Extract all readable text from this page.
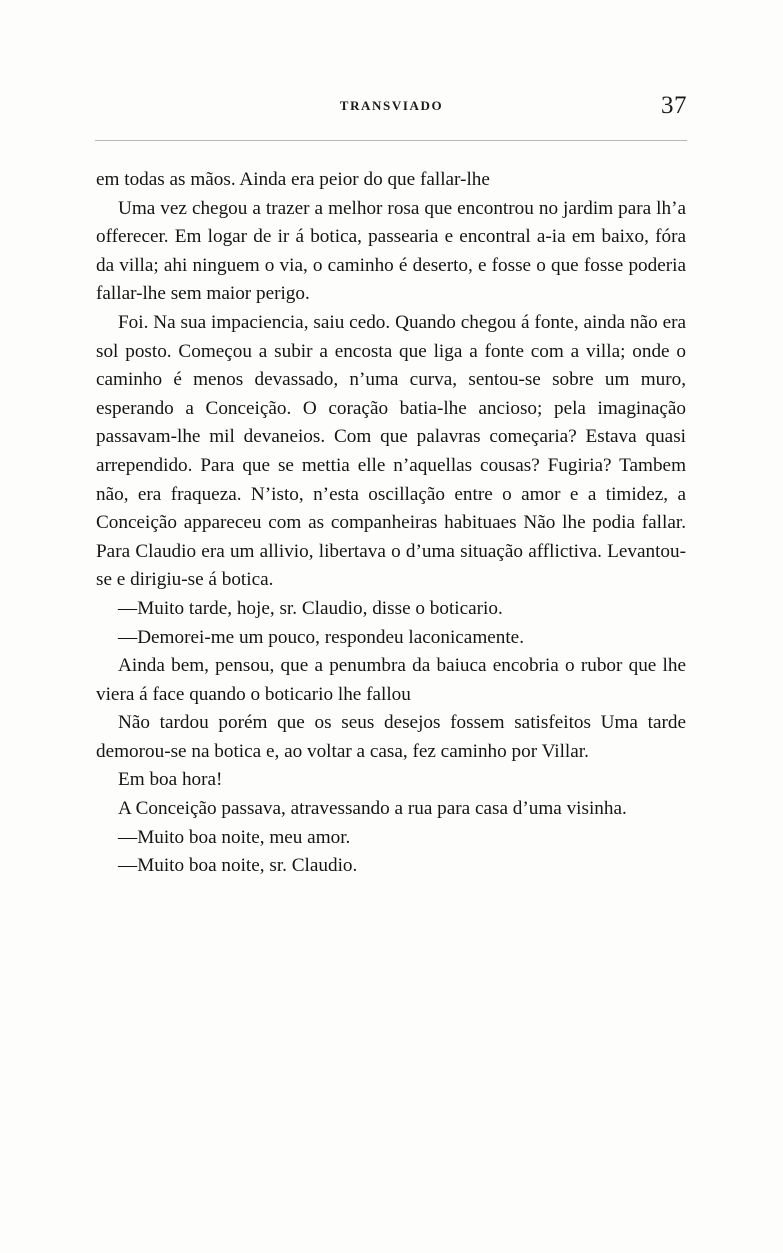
TRANSVIADO	37

em todas as mãos. Ainda era peior do que fallar-lhe

Uma vez chegou a trazer a melhor rosa que encontrou no jardim para lh’a offerecer. Em logar de ir á botica, passearia e encontral a-ia em baixo, fóra da villa; ahi ninguem o via, o caminho é deserto, e fosse o que fosse poderia fallar-lhe sem maior perigo.

Foi. Na sua impaciencia, saiu cedo. Quando chegou á fonte, ainda não era sol posto. Começou a subir a encosta que liga a fonte com a villa; onde o caminho é menos devassado, n’uma curva, sentou-se sobre um muro, esperando a Conceição. O coração batia-lhe ancioso; pela imaginação passavam-lhe mil devaneios. Com que palavras começaria? Estava quasi arrependido. Para que se mettia elle n’aquellas cousas? Fugiria? Tambem não, era fraqueza. N’isto, n’esta oscillação entre o amor e a timidez, a Conceição appareceu com as companheiras habituaes Não lhe podia fallar. Para Claudio era um allivio, libertava o d’uma situação afflictiva. Levantou-se e dirigiu-se á botica.

—Muito tarde, hoje, sr. Claudio, disse o boticario.

—Demorei-me um pouco, respondeu laconicamente.

Ainda bem, pensou, que a penumbra da baiuca encobria o rubor que lhe viera á face quando o boticario lhe fallou

Não tardou porém que os seus desejos fossem satisfeitos Uma tarde demorou-se na botica e, ao voltar a casa, fez caminho por Villar.

Em boa hora!

A Conceição passava, atravessando a rua para casa d’uma visinha.

—Muito boa noite, meu amor.

—Muito boa noite, sr. Claudio.
